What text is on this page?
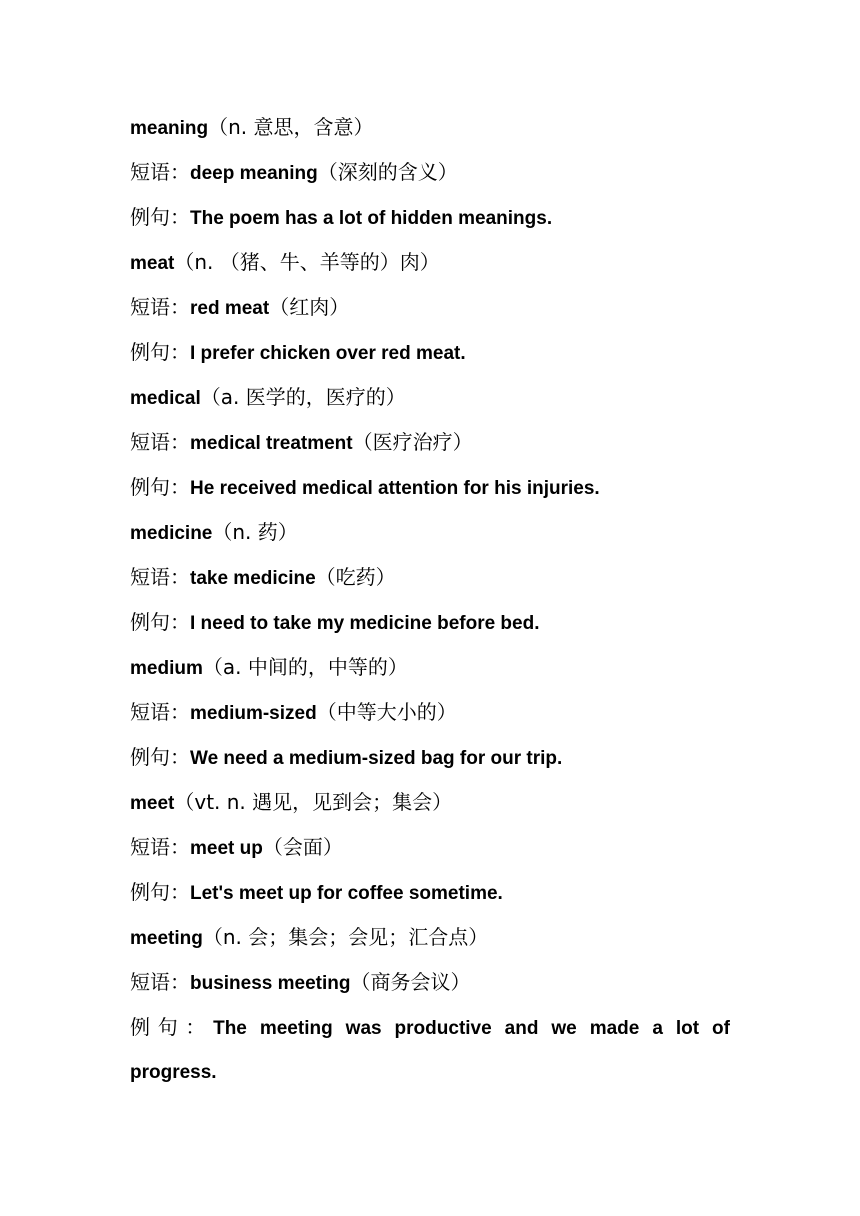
meaning（n. 意思，含意）
短语：deep meaning（深刻的含义）
例句：The poem has a lot of hidden meanings.
meat（n. （猪、牛、羊等的）肉）
短语：red meat（红肉）
例句：I prefer chicken over red meat.
medical（a. 医学的，医疗的）
短语：medical treatment（医疗治疗）
例句：He received medical attention for his injuries.
medicine（n. 药）
短语：take medicine（吃药）
例句：I need to take my medicine before bed.
medium（a. 中间的，中等的）
短语：medium-sized（中等大小的）
例句：We need a medium-sized bag for our trip.
meet（vt. n. 遇见，见到会；集会）
短语：meet up（会面）
例句：Let's meet up for coffee sometime.
meeting（n. 会；集会；会见；汇合点）
短语：business meeting（商务会议）
例句：The meeting was productive and we made a lot of
progress.
